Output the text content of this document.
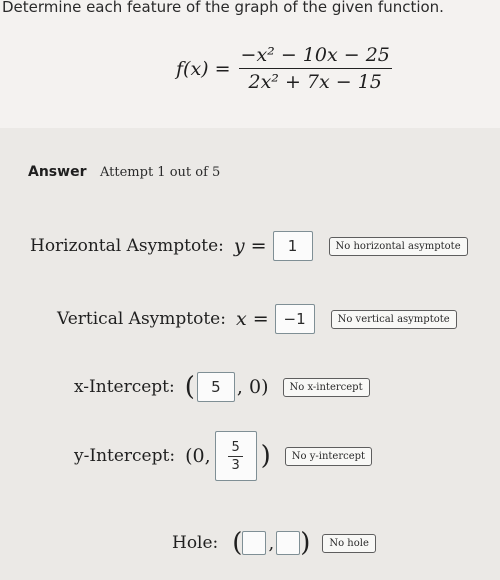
Determine each feature of the graph of the given function.
$f(x) = \frac{\text{−x² − 10x − 25}}{\text{2x² + 7x − 15}}$
Answer Attempt 1 out of 5
Horizontal Asymptote: y =	1	No horizontal asymptote
Vertical Asymptote: x = −1	No vertical asymptote
x-Intercept: (	5 , 0)	No x-intercept
y-Intercept: (0, $\frac{5}{3}$ )	No y-intercept
Hole: ( , )	No hole
